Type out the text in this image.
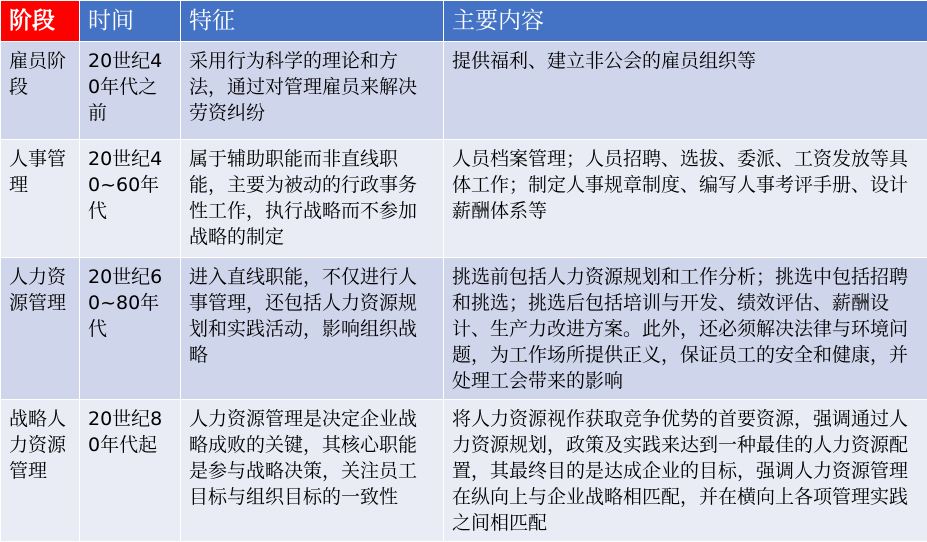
阶段	时间	特征	主要内容
雇员阶段	20世纪40年代之前	采用行为科学的理论和方法，通过对管理雇员来解决劳资纠纷	提供福利、建立非公会的雇员组织等
人事管理	20世纪40~60年代	属于辅助职能而非直线职能，主要为被动的行政事务性工作，执行战略而不参加战略的制定	人员档案管理；人员招聘、选拔、委派、工资发放等具体工作；制定人事规章制度、编写人事考评手册、设计薪酬体系等
人力资源管理	20世纪60~80年代	进入直线职能，不仅进行人事管理，还包括人力资源规划和实践活动，影响组织战略	挑选前包括人力资源规划和工作分析；挑选中包括招聘和挑选；挑选后包括培训与开发、绩效评估、薪酬设计、生产力改进方案。此外，还必须解决法律与环境问题，为工作场所提供正义，保证员工的安全和健康，并处理工会带来的影响
战略人力资源管理	20世纪80年代起	人力资源管理是决定企业战略成败的关键，其核心职能是参与战略决策，关注员工目标与组织目标的一致性	将人力资源视作获取竞争优势的首要资源，强调通过人力资源规划，政策及实践来达到一种最佳的人力资源配置，其最终目的是达成企业的目标，强调人力资源管理在纵向上与企业战略相匹配，并在横向上各项管理实践之间相匹配
